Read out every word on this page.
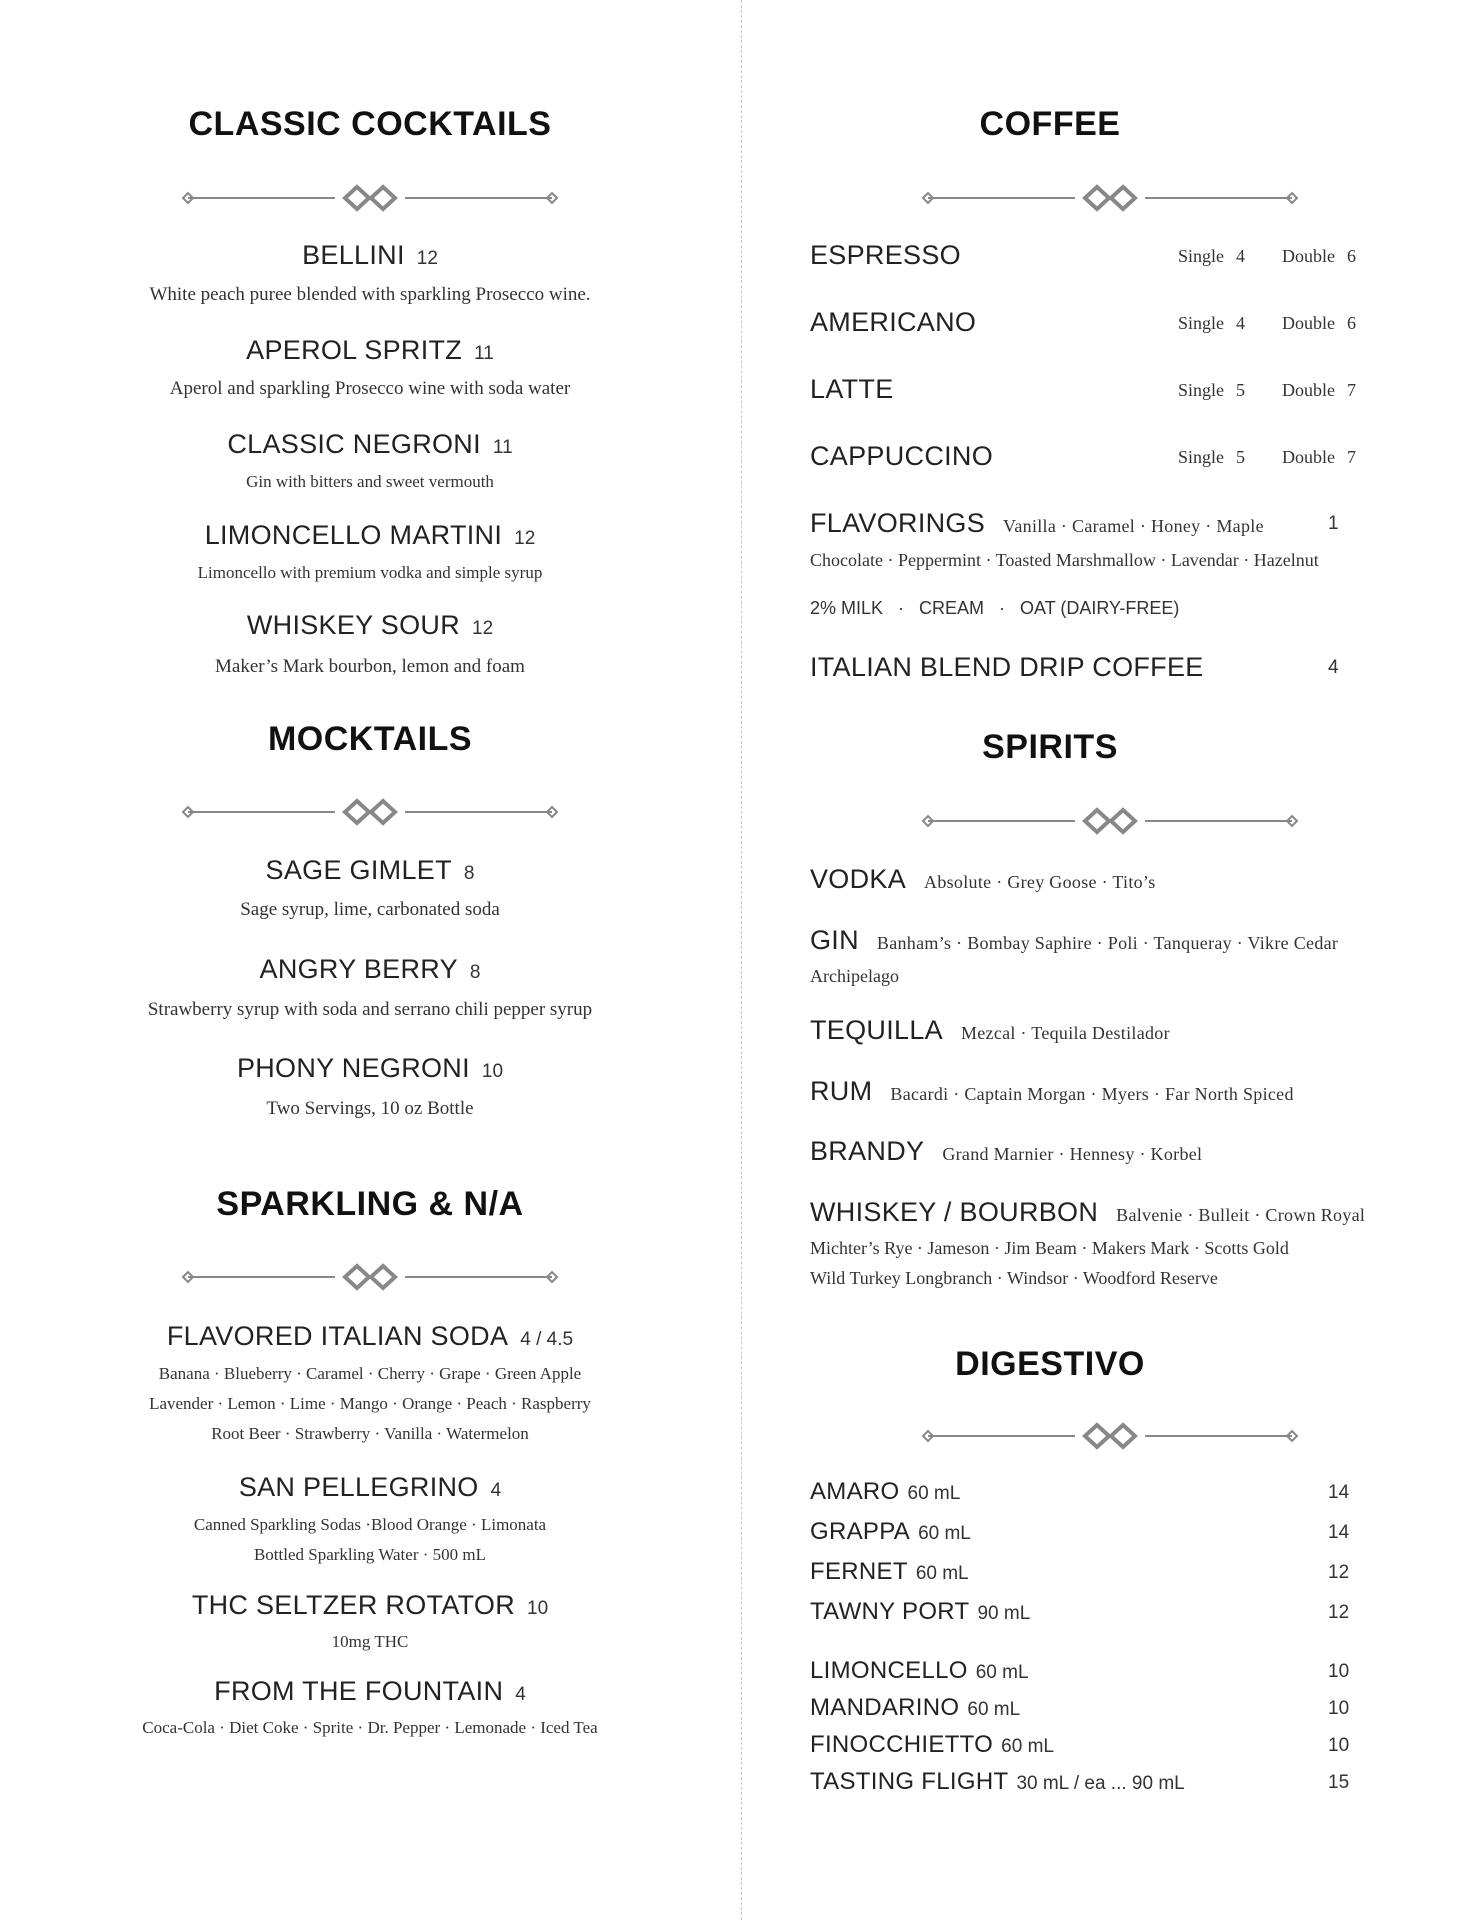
CLASSIC COCKTAILS
BELLINI 12
White peach puree blended with sparkling Prosecco wine.
APEROL SPRITZ 11
Aperol and sparkling Prosecco wine with soda water
CLASSIC NEGRONI 11
Gin with bitters and sweet vermouth
LIMONCELLO MARTINI 12
Limoncello with premium vodka and simple syrup
WHISKEY SOUR 12
Maker’s Mark bourbon, lemon and foam
MOCKTAILS
SAGE GIMLET 8
Sage syrup, lime, carbonated soda
ANGRY BERRY 8
Strawberry syrup with soda and serrano chili pepper syrup
PHONY NEGRONI 10
Two Servings, 10 oz Bottle
SPARKLING & N/A
FLAVORED ITALIAN SODA 4 / 4.5
Banana · Blueberry · Caramel · Cherry · Grape · Green Apple
Lavender · Lemon · Lime · Mango · Orange · Peach · Raspberry
Root Beer · Strawberry · Vanilla · Watermelon
SAN PELLEGRINO 4
Canned Sparkling Sodas ·Blood Orange · Limonata
Bottled Sparkling Water · 500 mL
THC SELTZER ROTATOR 10
10mg THC
FROM THE FOUNTAIN 4
Coca-Cola · Diet Coke · Sprite · Dr. Pepper · Lemonade · Iced Tea
COFFEE
ESPRESSO	Single 4 Double 6
AMERICANO	Single 4 Double 6
LATTE	Single 5 Double 7
CAPPUCCINO	Single 5 Double 7
FLAVORINGS Vanilla · Caramel · Honey · Maple	1
Chocolate · Peppermint · Toasted Marshmallow · Lavendar · Hazelnut
2% MILK   ·   CREAM   ·   OAT (DAIRY-FREE)
ITALIAN BLEND DRIP COFFEE	4
SPIRITS
VODKA Absolute · Grey Goose · Tito’s
GIN Banham’s · Bombay Saphire · Poli · Tanqueray · Vikre Cedar
Archipelago
TEQUILLA Mezcal · Tequila Destilador
RUM Bacardi · Captain Morgan · Myers · Far North Spiced
BRANDY Grand Marnier · Hennesy · Korbel
WHISKEY / BOURBON Balvenie · Bulleit · Crown Royal
Michter’s Rye · Jameson · Jim Beam · Makers Mark · Scotts Gold
Wild Turkey Longbranch · Windsor · Woodford Reserve
DIGESTIVO
AMARO 60 mL	14
GRAPPA 60 mL	14
FERNET 60 mL	12
TAWNY PORT 90 mL	12
LIMONCELLO 60 mL	10
MANDARINO 60 mL	10
FINOCCHIETTO 60 mL	10
TASTING FLIGHT 30 mL / ea ... 90 mL	15
